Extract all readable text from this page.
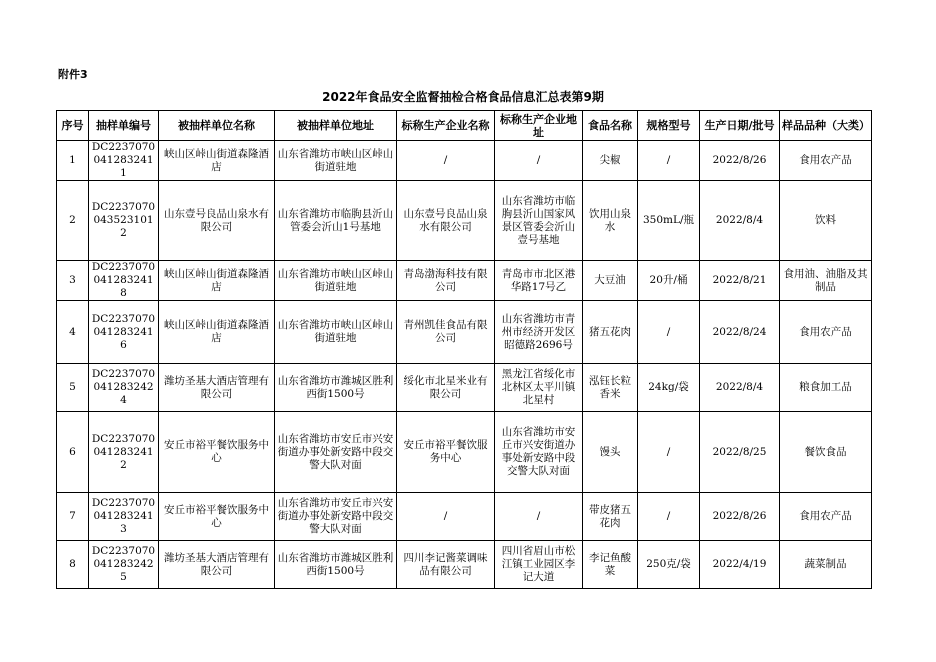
附件3
2022年食品安全监督抽检合格食品信息汇总表第9期
序号	抽样单编号	被抽样单位名称	被抽样单位地址	标称生产企业名称	标称生产企业地址	食品名称	规格型号	生产日期/批号	样品品种（大类）
1	DC22370700412832411	峡山区峠山街道森隆酒店	山东省潍坊市峡山区峠山街道驻地	/	/	尖椒	/	2022/8/26	食用农产品
2	DC22370700435231012	山东壹号良品山泉水有限公司	山东省潍坊市临朐县沂山管委会沂山1号基地	山东壹号良品山泉水有限公司	山东省潍坊市临朐县沂山国家风景区管委会沂山壹号基地	饮用山泉水	350mL/瓶	2022/8/4	饮料
3	DC22370700412832418	峡山区峠山街道森隆酒店	山东省潍坊市峡山区峠山街道驻地	青岛渤海科技有限公司	青岛市市北区港华路17号乙	大豆油	20升/桶	2022/8/21	食用油、油脂及其制品
4	DC22370700412832416	峡山区峠山街道森隆酒店	山东省潍坊市峡山区峠山街道驻地	青州凯佳食品有限公司	山东省潍坊市青州市经济开发区昭德路2696号	猪五花肉	/	2022/8/24	食用农产品
5	DC22370700412832424	潍坊圣基大酒店管理有限公司	山东省潍坊市潍城区胜利西街1500号	绥化市北星米业有限公司	黑龙江省绥化市北林区太平川镇北星村	泓钰长粒香米	24kg/袋	2022/8/4	粮食加工品
6	DC22370700412832412	安丘市裕平餐饮服务中心	山东省潍坊市安丘市兴安街道办事处新安路中段交警大队对面	安丘市裕平餐饮服务中心	山东省潍坊市安丘市兴安街道办事处新安路中段交警大队对面	馒头	/	2022/8/25	餐饮食品
7	DC22370700412832413	安丘市裕平餐饮服务中心	山东省潍坊市安丘市兴安街道办事处新安路中段交警大队对面	/	/	带皮猪五花肉	/	2022/8/26	食用农产品
8	DC22370700412832425	潍坊圣基大酒店管理有限公司	山东省潍坊市潍城区胜利西街1500号	四川李记酱菜调味品有限公司	四川省眉山市松江镇工业园区李记大道	李记鱼酸菜	250克/袋	2022/4/19	蔬菜制品
